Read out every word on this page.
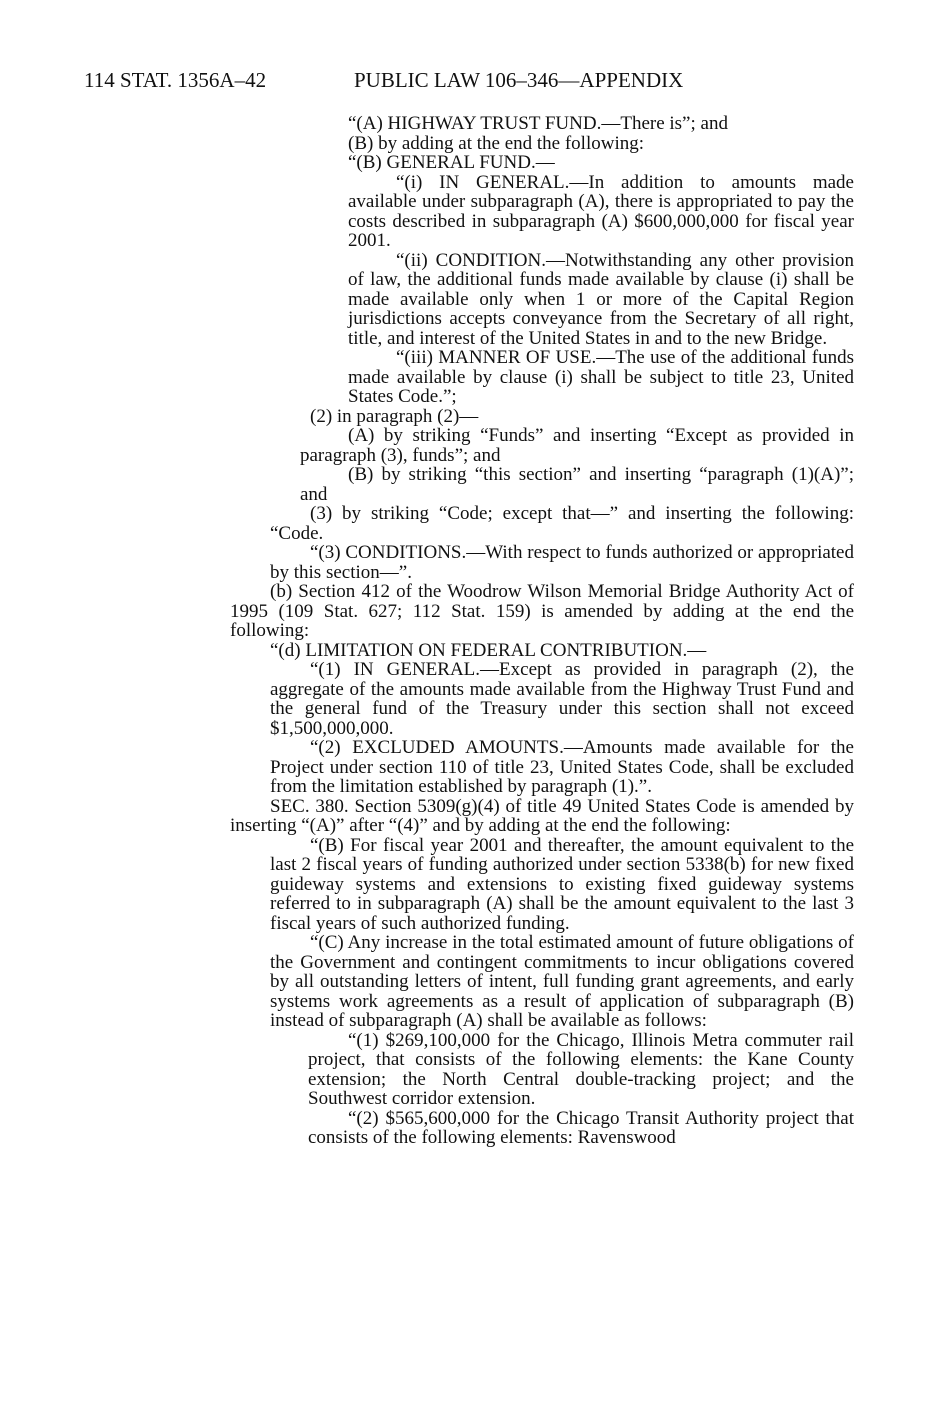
114 STAT. 1356A–42	PUBLIC LAW 106–346—APPENDIX

“(A) HIGHWAY TRUST FUND.—There is”; and

(B) by adding at the end the following:

“(B) GENERAL FUND.—

“(i) IN GENERAL.—In addition to amounts made available under subparagraph (A), there is appropriated to pay the costs described in subparagraph (A) $600,000,000 for fiscal year 2001.

“(ii) CONDITION.—Notwithstanding any other provision of law, the additional funds made available by clause (i) shall be made available only when 1 or more of the Capital Region jurisdictions accepts conveyance from the Secretary of all right, title, and interest of the United States in and to the new Bridge.

“(iii) MANNER OF USE.—The use of the additional funds made available by clause (i) shall be subject to title 23, United States Code.”;

(2) in paragraph (2)—

(A) by striking “Funds” and inserting “Except as provided in paragraph (3), funds”; and

(B) by striking “this section” and inserting “paragraph (1)(A)”; and

(3) by striking “Code; except that—” and inserting the following: “Code.

“(3) CONDITIONS.—With respect to funds authorized or appropriated by this section—”.

(b) Section 412 of the Woodrow Wilson Memorial Bridge Authority Act of 1995 (109 Stat. 627; 112 Stat. 159) is amended by adding at the end the following:

“(d) LIMITATION ON FEDERAL CONTRIBUTION.—

“(1) IN GENERAL.—Except as provided in paragraph (2), the aggregate of the amounts made available from the Highway Trust Fund and the general fund of the Treasury under this section shall not exceed $1,500,000,000.

“(2) EXCLUDED AMOUNTS.—Amounts made available for the Project under section 110 of title 23, United States Code, shall be excluded from the limitation established by paragraph (1).”.

SEC. 380. Section 5309(g)(4) of title 49 United States Code is amended by inserting “(A)” after “(4)” and by adding at the end the following:

“(B) For fiscal year 2001 and thereafter, the amount equivalent to the last 2 fiscal years of funding authorized under section 5338(b) for new fixed guideway systems and extensions to existing fixed guideway systems referred to in subparagraph (A) shall be the amount equivalent to the last 3 fiscal years of such authorized funding.

“(C) Any increase in the total estimated amount of future obligations of the Government and contingent commitments to incur obligations covered by all outstanding letters of intent, full funding grant agreements, and early systems work agreements as a result of application of subparagraph (B) instead of subparagraph (A) shall be available as follows:

“(1) $269,100,000 for the Chicago, Illinois Metra commuter rail project, that consists of the following elements: the Kane County extension; the North Central double-tracking project; and the Southwest corridor extension.

“(2) $565,600,000 for the Chicago Transit Authority project that consists of the following elements: Ravenswood
